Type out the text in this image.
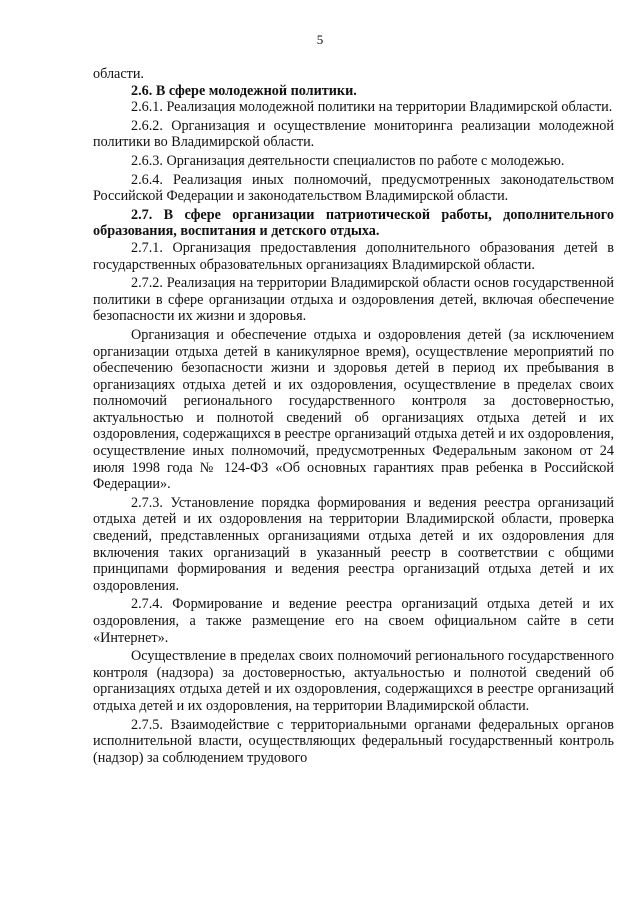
5

области.

2.6. В сфере молодежной политики.

2.6.1. Реализация молодежной политики на территории Владимирской области.

2.6.2. Организация и осуществление мониторинга реализации молодежной политики во Владимирской области.

2.6.3. Организация деятельности специалистов по работе с молодежью.

2.6.4. Реализация иных полномочий, предусмотренных законодательством Российской Федерации и законодательством Владимирской области.

2.7. В сфере организации патриотической работы, дополнительного образования, воспитания и детского отдыха.

2.7.1. Организация предоставления дополнительного образования детей в государственных образовательных организациях Владимирской области.

2.7.2. Реализация на территории Владимирской области основ государственной политики в сфере организации отдыха и оздоровления детей, включая обеспечение безопасности их жизни и здоровья.

Организация и обеспечение отдыха и оздоровления детей (за исключением организации отдыха детей в каникулярное время), осуществление мероприятий по обеспечению безопасности жизни и здоровья детей в период их пребывания в организациях отдыха детей и их оздоровления, осуществление в пределах своих полномочий регионального государственного контроля за достоверностью, актуальностью и полнотой сведений об организациях отдыха детей и их оздоровления, содержащихся в реестре организаций отдыха детей и их оздоровления, осуществление иных полномочий, предусмотренных Федеральным законом от 24 июля 1998 года № 124-ФЗ «Об основных гарантиях прав ребенка в Российской Федерации».

2.7.3. Установление порядка формирования и ведения реестра организаций отдыха детей и их оздоровления на территории Владимирской области, проверка сведений, представленных организациями отдыха детей и их оздоровления для включения таких организаций в указанный реестр в соответствии с общими принципами формирования и ведения реестра организаций отдыха детей и их оздоровления.

2.7.4. Формирование и ведение реестра организаций отдыха детей и их оздоровления, а также размещение его на своем официальном сайте в сети «Интернет».

Осуществление в пределах своих полномочий регионального государственного контроля (надзора) за достоверностью, актуальностью и полнотой сведений об организациях отдыха детей и их оздоровления, содержащихся в реестре организаций отдыха детей и их оздоровления, на территории Владимирской области.

2.7.5. Взаимодействие с территориальными органами федеральных органов исполнительной власти, осуществляющих федеральный государственный контроль (надзор) за соблюдением трудового
